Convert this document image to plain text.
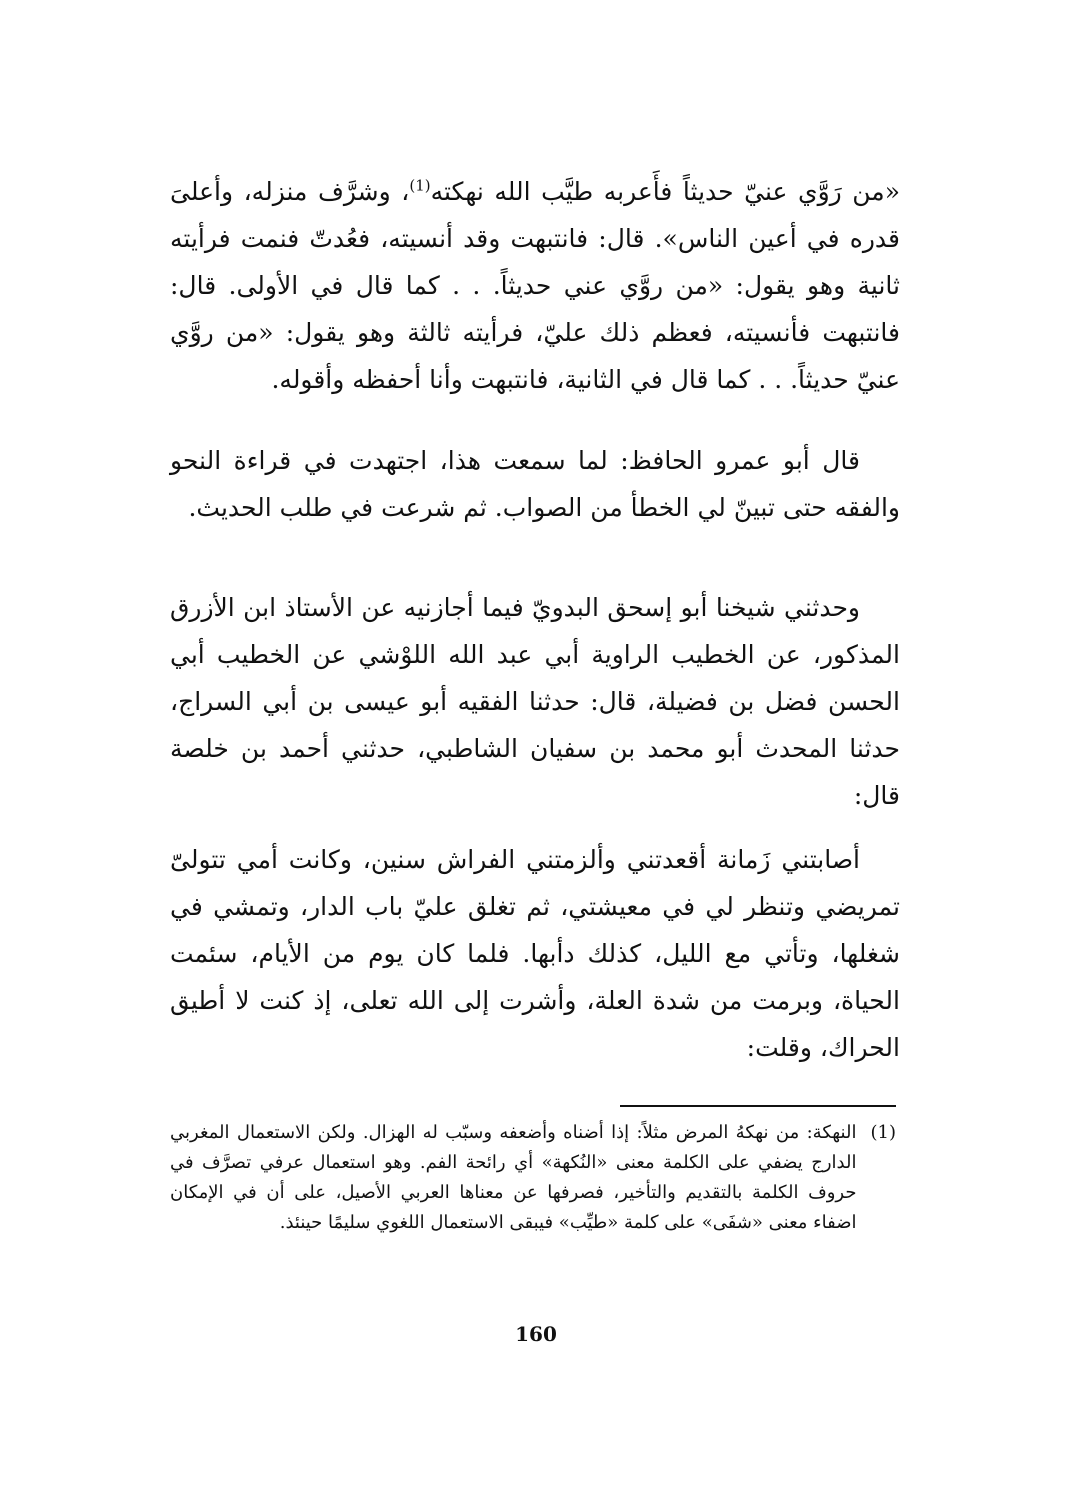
«من رَوَّي عنيّ حديثاً فأَعربه طيَّب الله نهكته$^{(1)}$، وشرَّف منزله، وأعلىَ قدره في أعين الناس». قال: فانتبهت وقد أنسيته، فعُدتّ فنمت فرأيته ثانية وهو يقول: «من روَّي عني حديثاً. . . كما قال في الأولى. قال: فانتبهت فأنسيته، فعظم ذلك عليّ، فرأيته ثالثة وهو يقول: «من روَّي عنيّ حديثاً. . . كما قال في الثانية، فانتبهت وأنا أحفظه وأقوله.

قال أبو عمرو الحافظ: لما سمعت هذا، اجتهدت في قراءة النحو والفقه حتى تبينّ لي الخطأ من الصواب. ثم شرعت في طلب الحديث.

وحدثني شيخنا أبو إسحق البدويّ فيما أجازنيه عن الأستاذ ابن الأزرق المذكور، عن الخطيب الراوية أبي عبد الله اللوْشي عن الخطيب أبي الحسن فضل بن فضيلة، قال: حدثنا الفقيه أبو عيسى بن أبي السراج، حدثنا المحدث أبو محمد بن سفيان الشاطبي، حدثني أحمد بن خلصة قال:

أصابتني زَمانة أقعدتني وألزمتني الفراش سنين، وكانت أمي تتولىّ تمريضي وتنظر لي في معيشتي، ثم تغلق عليّ باب الدار، وتمشي في شغلها، وتأتي مع الليل، كذلك دأبها. فلما كان يوم من الأيام، سئمت الحياة، وبرمت من شدة العلة، وأشرت إلى الله تعلى، إذ كنت لا أطيق الحراك، وقلت:

(1)

النهكة: من نهكهُ المرض مثلاً: إذا أضناه وأضعفه وسبّب له الهزال. ولكن الاستعمال المغربي الدارج يضفي على الكلمة معنى «النُكهة» أي رائحة الفم. وهو استعمال عرفي تصرَّف في حروف الكلمة بالتقديم والتأخير، فصرفها عن معناها العربي الأصيل، على أن في الإمكان اضفاء معنى «شفَى» على كلمة «طيِّب» فيبقى الاستعمال اللغوي سليمًا حينئذ.

160
